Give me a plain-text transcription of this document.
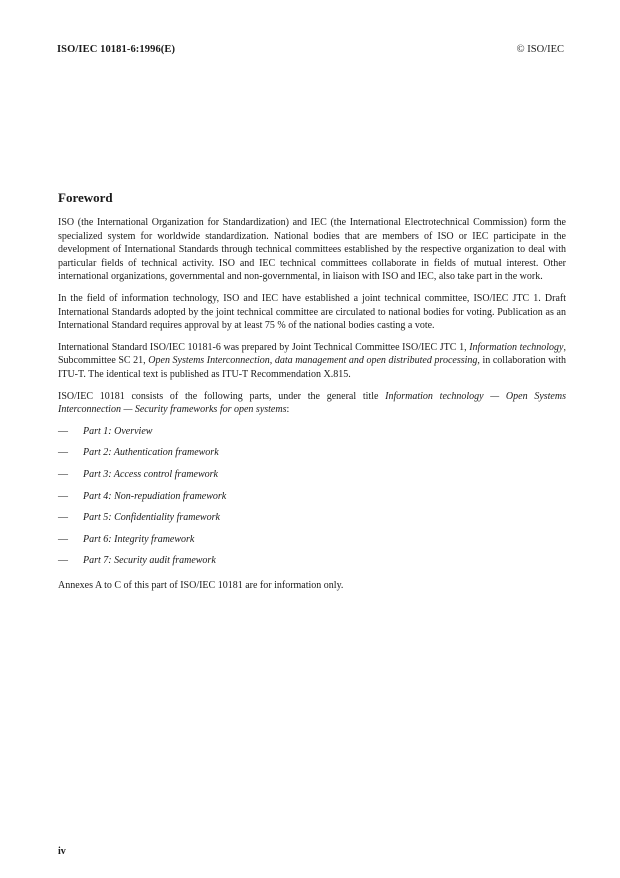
ISO/IEC 10181-6:1996(E)	© ISO/IEC
Foreword

ISO (the International Organization for Standardization) and IEC (the International Electrotechnical Commission) form the specialized system for worldwide standardization. National bodies that are members of ISO or IEC participate in the development of International Standards through technical committees established by the respective organization to deal with particular fields of technical activity. ISO and IEC technical committees collaborate in fields of mutual interest. Other international organizations, governmental and non-governmental, in liaison with ISO and IEC, also take part in the work.

In the field of information technology, ISO and IEC have established a joint technical committee, ISO/IEC JTC 1. Draft International Standards adopted by the joint technical committee are circulated to national bodies for voting. Publication as an International Standard requires approval by at least 75 % of the national bodies casting a vote.

International Standard ISO/IEC 10181-6 was prepared by Joint Technical Committee ISO/IEC JTC 1, Information technology, Subcommittee SC 21, Open Systems Interconnection, data management and open distributed processing, in collaboration with ITU-T. The identical text is published as ITU-T Recommendation X.815.

ISO/IEC 10181 consists of the following parts, under the general title Information technology — Open Systems Interconnection — Security frameworks for open systems:

—	Part 1: Overview
—	Part 2: Authentication framework
—	Part 3: Access control framework
—	Part 4: Non-repudiation framework
—	Part 5: Confidentiality framework
—	Part 6: Integrity framework
—	Part 7: Security audit framework

Annexes A to C of this part of ISO/IEC 10181 are for information only.

iv
